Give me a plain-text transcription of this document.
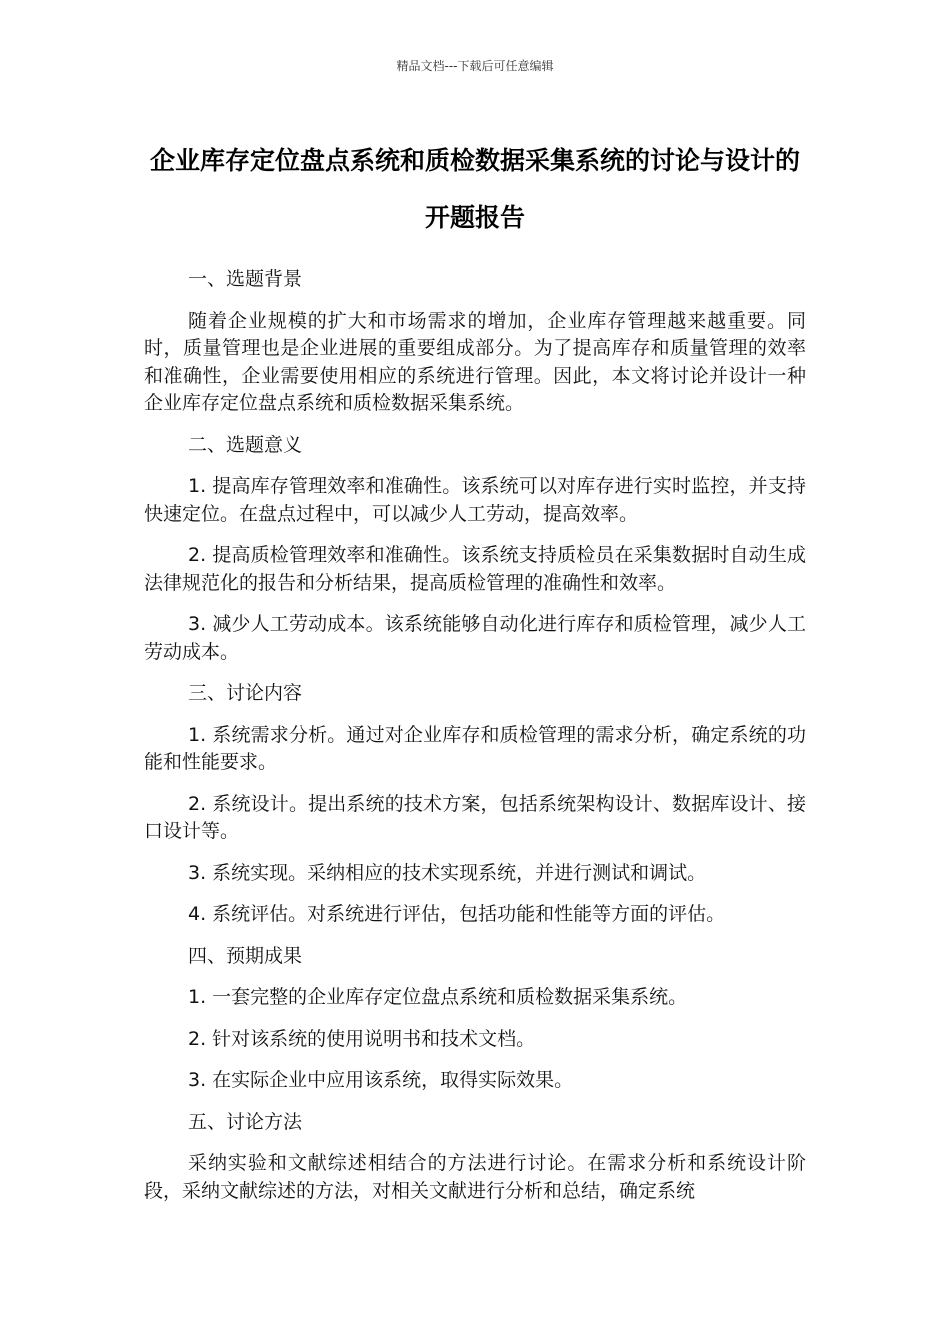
精品文档---下载后可任意编辑
企业库存定位盘点系统和质检数据采集系统的讨论与设计的开题报告

一、选题背景

随着企业规模的扩大和市场需求的增加，企业库存管理越来越重要。同时，质量管理也是企业进展的重要组成部分。为了提高库存和质量管理的效率和准确性，企业需要使用相应的系统进行管理。因此，本文将讨论并设计一种企业库存定位盘点系统和质检数据采集系统。

二、选题意义

1. 提高库存管理效率和准确性。该系统可以对库存进行实时监控，并支持快速定位。在盘点过程中，可以减少人工劳动，提高效率。

2. 提高质检管理效率和准确性。该系统支持质检员在采集数据时自动生成法律规范化的报告和分析结果，提高质检管理的准确性和效率。

3. 减少人工劳动成本。该系统能够自动化进行库存和质检管理，减少人工劳动成本。

三、讨论内容

1. 系统需求分析。通过对企业库存和质检管理的需求分析，确定系统的功能和性能要求。

2. 系统设计。提出系统的技术方案，包括系统架构设计、数据库设计、接口设计等。

3. 系统实现。采纳相应的技术实现系统，并进行测试和调试。

4. 系统评估。对系统进行评估，包括功能和性能等方面的评估。

四、预期成果

1. 一套完整的企业库存定位盘点系统和质检数据采集系统。

2. 针对该系统的使用说明书和技术文档。

3. 在实际企业中应用该系统，取得实际效果。

五、讨论方法

采纳实验和文献综述相结合的方法进行讨论。在需求分析和系统设计阶段，采纳文献综述的方法，对相关文献进行分析和总结，确定系统
